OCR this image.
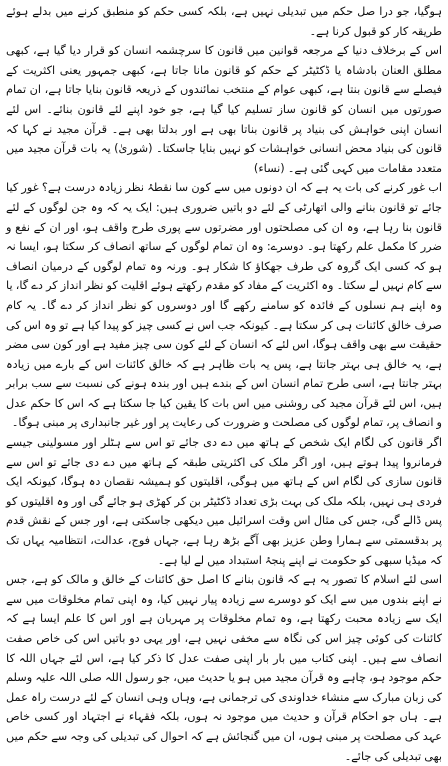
ہوگیا، جو درا صل حکم میں تبدیلی نہیں ہے، بلکہ کسی حکم کو منطبق کرنے میں بدلے ہوئے طریقہ کار کو قبول کرنا ہے۔

اس کے برخلاف دنیا کے مرجعہ قوانین میں قانون کا سرچشمہ انسان کو قرار دیا گیا ہے، کبھی مطلق العنان بادشاہ یا ڈکٹیٹر کے حکم کو قانون مانا جاتا ہے، کبھی جمہور یعنی اکثریت کے فیصلے سے قانون بنتا ہے، کبھی عوام کے منتخب نمائندوں کے ذریعہ قانون بنایا جاتا ہے، ان تمام صورتوں میں انسان کو قانون ساز تسلیم کیا گیا ہے، جو خود اپنے لئے قانون بنائے۔ اس لئے انسان اپنی خواہش کی بنیاد پر قانون بناتا بھی ہے اور بدلتا بھی ہے۔ قرآن مجید نے کہا کہ قانون کی بنیاد محض انسانی خواہشات کو نہیں بنایا جاسکتا۔ (شوریٰ) یہ بات قرآن مجید میں متعدد مقامات میں کہی گئی ہے۔ (نساء)

اب غور کرنے کی بات یہ ہے کہ ان دونوں میں سے کون سا نقطۂ نظر زیادہ درست ہے؟ غور کیا جائے تو قانون بنانے والی اتھارٹی کے لئے دو باتیں ضروری ہیں: ایک یہ کہ وہ جن لوگوں کے لئے قانون بنا رہا ہے، وہ ان کی مصلحتوں اور مضرتوں سے پوری طرح واقف ہو، اور ان کے نفع و ضرر کا مکمل علم رکھتا ہو۔ دوسرے: وہ ان تمام لوگوں کے ساتھ انصاف کر سکتا ہو، ایسا نہ ہو کہ کسی ایک گروہ کی طرف جھکاؤ کا شکار ہو۔ ورنہ وہ تمام لوگوں کے درمیان انصاف سے کام نہیں لے سکتا۔ وہ اکثریت کے مفاد کو مقدم رکھتے ہوئے اقلیت کو نظر انداز کر دے گا، یا وہ اپنے ہم نسلوں کے فائدہ کو سامنے رکھے گا اور دوسروں کو نظر انداز کر دے گا۔ یہ کام صرف خالق کائنات ہی کر سکتا ہے۔ کیونکہ جب اس نے کسی چیز کو پیدا کیا ہے تو وہ اس کی حقیقت سے بھی واقف ہوگا، اس لئے کہ انسان کے لئے کون سی چیز مفید ہے اور کون سی مضر ہے، یہ خالق ہی بہتر جانتا ہے، پس یہ بات ظاہر ہے کہ خالق کائنات اس کے بارے میں زیادہ بہتر جانتا ہے، اسی طرح تمام انسان اس کے بندے ہیں اور بندہ ہونے کی نسبت سے سب برابر ہیں، اس لئے قرآن مجید کی روشنی میں اس بات کا یقین کیا جا سکتا ہے کہ اس کا حکم عدل و انصاف پر، تمام لوگوں کی مصلحت و ضرورت کی رعایت پر اور غیر جانبداری پر مبنی ہوگا۔

اگر قانون کی لگام ایک شخص کے ہاتھ میں دے دی جائے تو اس سے ہٹلر اور مسولینی جیسے فرمانروا پیدا ہوتے ہیں، اور اگر ملک کی اکثریتی طبقہ کے ہاتھ میں دے دی جائے تو اس سے قانون سازی کی لگام اس کے ہاتھ میں ہوگی، اقلیتوں کو ہمیشہ نقصان دہ ہوگا، کیونکہ ایک فردی ہی نہیں، بلکہ ملک کی بہت بڑی تعداد ڈکٹیٹر بن کر کھڑی ہو جائے گی اور وہ اقلیتوں کو پس ڈالے گی، جس کی مثال اس وقت اسرائیل میں دیکھی جاسکتی ہے، اور جس کے نقش قدم پر بدقسمتی سے ہمارا وطن عزیز بھی آگے بڑھ رہا ہے، جہاں فوج، عدالت، انتظامیہ یہاں تک کہ میڈیا سبھی کو حکومت نے اپنے پنجۂ استبداد میں لے لیا ہے۔

اسی لئے اسلام کا تصور یہ ہے کہ قانون بنانے کا اصل حق کائنات کے خالق و مالک کو ہے، جس نے اپنے بندوں میں سے ایک کو دوسرے سے زیادہ پیار نہیں کیا، وہ اپنی تمام مخلوقات میں سے ایک سے زیادہ محبت رکھتا ہے، وہ تمام مخلوقات پر مہربان ہے اور اس کا علم ایسا ہے کہ کائنات کی کوئی چیز اس کی نگاہ سے مخفی نہیں ہے، اور یہی دو باتیں اس کی خاص صفت انصاف سے ہیں۔ اپنی کتاب میں بار بار اپنی صفت عدل کا ذکر کیا ہے، اس لئے جہاں اللہ کا حکم موجود ہو، چاہے وہ قرآن مجید میں ہو یا حدیث میں، جو رسول اللہ صلی اللہ علیہ وسلم کی زبان مبارک سے منشاء خداوندی کی ترجمانی ہے، وہاں وہی انسان کے لئے درست راہ عمل ہے۔ ہاں جو احکام قرآن و حدیث میں موجود نہ ہوں، بلکہ فقہاء نے اجتہاد اور کسی خاص عہد کی مصلحت پر مبنی ہوں، ان میں گنجائش ہے کہ احوال کی تبدیلی کی وجہ سے حکم میں بھی تبدیلی کی جائے۔
